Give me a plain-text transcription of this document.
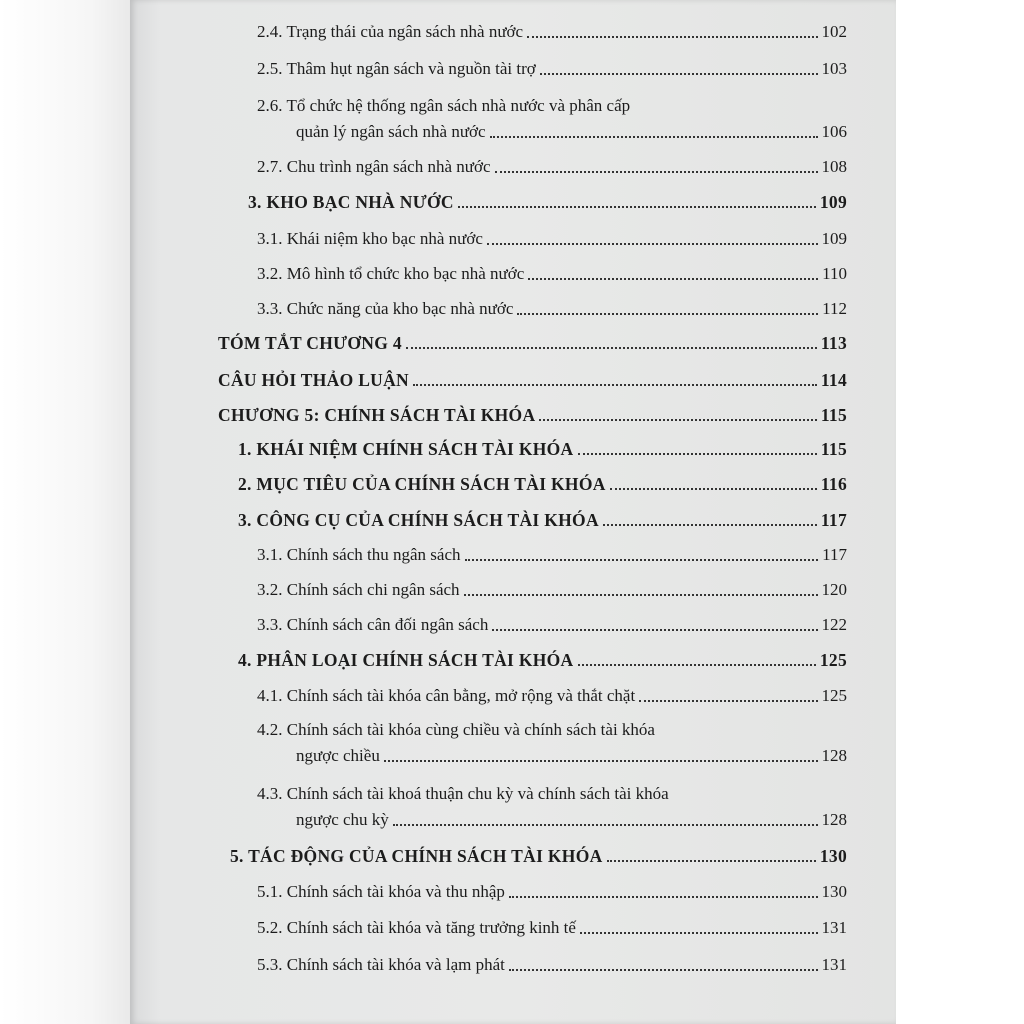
2.4. Trạng thái của ngân sách nhà nước	102
2.5. Thâm hụt ngân sách và nguồn tài trợ	103
2.6. Tổ chức hệ thống ngân sách nhà nước và phân cấp
quản lý ngân sách nhà nước	106
2.7. Chu trình ngân sách nhà nước	108
3. KHO BẠC NHÀ NƯỚC	109
3.1. Khái niệm kho bạc nhà nước	109
3.2. Mô hình tổ chức kho bạc nhà nước	110
3.3. Chức năng của kho bạc nhà nước	112
TÓM TẮT CHƯƠNG 4	113
CÂU HỎI THẢO LUẬN	114
CHƯƠNG 5: CHÍNH SÁCH TÀI KHÓA	115
1. KHÁI NIỆM CHÍNH SÁCH TÀI KHÓA	115
2. MỤC TIÊU CỦA CHÍNH SÁCH TÀI KHÓA	116
3. CÔNG CỤ CỦA CHÍNH SÁCH TÀI KHÓA	117
3.1. Chính sách thu ngân sách	117
3.2. Chính sách chi ngân sách	120
3.3. Chính sách cân đối ngân sách	122
4. PHÂN LOẠI CHÍNH SÁCH TÀI KHÓA	125
4.1. Chính sách tài khóa cân bằng, mở rộng và thắt chặt	125
4.2. Chính sách tài khóa cùng chiều và chính sách tài khóa
ngược chiều	128
4.3. Chính sách tài khoá thuận chu kỳ và chính sách tài khóa
ngược chu kỳ	128
5. TÁC ĐỘNG CỦA CHÍNH SÁCH TÀI KHÓA	130
5.1. Chính sách tài khóa và thu nhập	130
5.2. Chính sách tài khóa và tăng trưởng kinh tế	131
5.3. Chính sách tài khóa và lạm phát	131
